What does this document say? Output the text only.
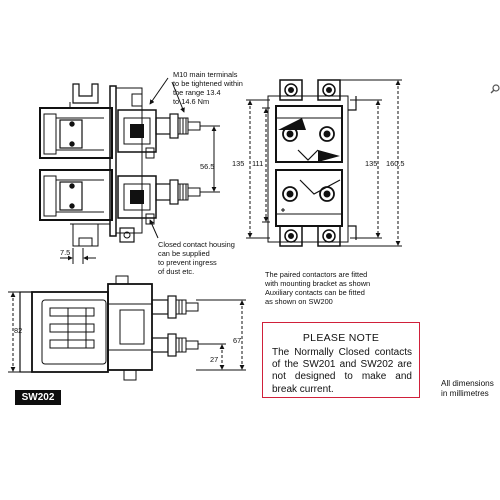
56.5
7.5
135 111	135 160.5
82
67
27
M10 main terminals
to be tightened within
the range 13.4
to 14.6 Nm
Closed contact housing
can be supplied
to prevent ingress
of dust etc.	The paired contactors are fitted
with mounting bracket as shown
Auxiliary contacts can be fitted
as shown on SW200
PLEASE NOTE
The Normally Closed contacts of the SW201 and SW202 are not designed to make and break current.
All dimensions
in millimetres
SW202
